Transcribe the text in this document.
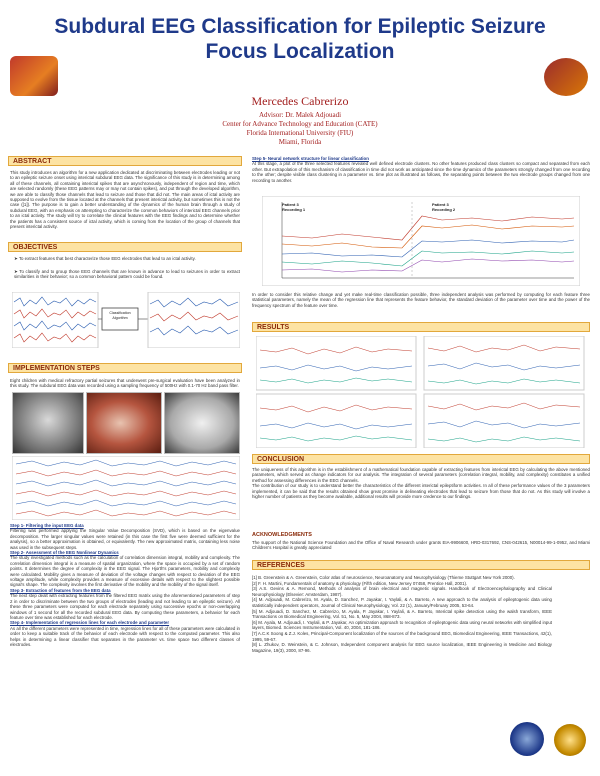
Subdural EEG Classification for Epileptic Seizure
Focus Localization
Mercedes Cabrerizo
Advisor: Dr. Malek Adjouadi
Center for Advance Technology and Education (CATE)
Florida International University (FIU)
Miami, Florida
ABSTRACT
This study introduces an algorithm for a new application dedicated at discriminating between electrodes leading or not to an epileptic seizure onset using interictal subdural EEG data. The significance of this study is in determining among all of these channels, all containing interictal spikes that are asynchronously, independent of region and time, which are selected randomly (these EEG patterns may or may not contain spikes), and put through the developed algorithm, we are able to classify those channels that lead to seizure and those that did not. The main areas of ictal activity are supposed to evolve from the tissue located at the channels that present interictal activity, but sometimes this is not the case ([1]). The purpose is to gain a better understanding of the dynamics of the human brain through a study of subdural EEG, with an emphasis on attempting to characterize the common behaviors of interictal EEG channels prior to an ictal activity. The study will try to correlate the clinical features with the EEG findings and to determine whether the patients has a consistent source of ictal activity, which is coming from the location of the group of channels that present interictal activity.
OBJECTIVES
➤ To extract features that best characterize those EEG electrodes that lead to an ictal activity.
➤ To classify and to group those EEG channels that are known in advance to lead to seizures in order to extract similarities in their behavior; so a common behavioral pattern could be found.
Classification
Algorithm
IMPLEMENTATION STEPS
Eight children with medical refractory partial seizures that underwent pre-surgical evaluation have been analyzed in this study. The subdural EEG data was recorded using a sampling frequency of 500Hz with 0.1-70 Hz band pass filter.
Step 1- Filtering the input EEG data
Filtering was performed applying the Singular Value Decomposition (SVD), which is based on the eigenvalue decomposition. The larger singular values were retained (in this case the first five were deemed sufficient for the analysis), so a better approximation is obtained, or equivalently. The new approximated matrix, containing less noise was used in the subsequent steps.
Step 2- Assessment of the EEG Nonlinear Dynamics
The study investigated methods such as the calculation of correlation dimension integral, mobility and complexity. The correlation dimension integral is a measure of spatial organization, where the space is occupied by a set of random points. It determines the degree of complexity in the EEG signal. The Hjorth's parameters, mobility and complexity were calculated. Mobility gives a measure of deviation of the voltage changes with respect to deviation of the EEG voltage amplitude, while complexity provides a measure of excessive details with respect to the slightest possible signal's shape. The complexity involves the first derivative of the mobility and the mobility of the signal itself.
Step 3- Extraction of features from the EEG data
The next step dealt with extracting features from the filtered EEG matrix using the aforementioned parameters of step 2 in order to discriminate between the two groups of electrodes (leading and not leading to an epileptic seizure). All these three parameters were computed for each electrode separately using successive epochs or non-overlapping windows of 1 second for all the recorded subdural EEG data. By computing these parameters, a behavior for each feature over time was established for each electrode.
Step 4- Implementation of regression lines for each electrode and parameter
As all the different parameters were represented in time, regression lines for all of these parameters were calculated in order to keep a suitable track of the behavior of each electrode with respect to the computed parameter. This also helps in determining a linear classifier that separates in the parameter vs. time space two different classes of electrodes.
Step 5- Neural network structure for linear classification
At this stage, a plot of the three selected features revealed well defined electrode clusters. No other features produced class clusters so compact and separated from each other. But extrapolation of this mechanism of classification in time did not work as anticipated since the time dynamics of the parameters strongly changed from one recording to the other; despite visible class clustering in a parameter vs. time plot as illustrated as follows, the separating points between the two electrode groups changed from one recording to another.
Patient 3
Recording 1
Patient 3
Recording 2
In order to consider this relative change and yet make real-time classification possible, three independent analysis was performed by computing for each feature three statistical parameters, namely the mean of the regression line that represents the feature behavior, the standard deviation of the parameter over time and the power of the frequency spectrum of the feature over time.
RESULTS
CONCLUSION
The uniqueness of this algorithm is in the establishment of a mathematical foundation capable of extracting features from interictal EEG by calculating the above mentioned parameters, which served as change indicators for our analysis. The integration of several parameters (correlation integral, mobility, and complexity) constitutes a unified method for assessing differences in the EEG channels.
The contribution of our study is to understand better the characteristics of the different interictal epileptiform activities. In all of these performance values of the 3 parameters implemented, it can be said that the results obtained show great promise in delineating electrodes that lead to seizure from those that do not. As this study will involve a higher number of patients as they become available, additional results will provide more credence to our findings.
ACKNOWLEDGMENTS
The support of the National Science Foundation and the Office of Naval Research under grants EIA-9906600, HRD-0317692, CNS-042615, N00014-99-1-0952, and Miami Children's Hospital is greatly appreciated
REFERENCES
[1] B. Greenstein & A. Greenstein, Color atlas of neuroscience, Neuroanatomy and Neurophysiology (Thieme Stuttgart New York 2000).
[2] F. H. Martini, Fundamentals of anatomy & physiology (Fifth edition, New Jersey 07458, Prentice Hall, 2001).
[3] A.S. Gevins & A. Remond, Methods of analysis of brain electrical and magnetic signals. Handbook of Electroencephalography and Clinical Neurophysiology (Elsevier: Amsterdam, 1987).
[4] M. Adjouadi, M. Cabrerizo, M. Ayala, D. Sanchez, P. Jayakar, I. Yaylali, & A. Barreto, A new approach to the analysis of epileptogenic data using statistically independent operators, Journal of Clinical Neurophysiology, Vol. 22 (1), January/February 2005, 53-64.
[5] M. Adjouadi, D. Sanchez, M. Cabrerizo, M. Ayala, P. Jayakar, I. Yaylali, & A. Barreto, Interictal spike detection using the walsh transform, IEEE Transactions on Biomedical Engineering, Vol. 51, No. 5, May 2004, 868-873.
[6] M. Ayala, M. Adjouadi, I. Yaylali, & P. Jayakar, An optimization approach to recognition of epileptogenic data using neural networks with simplified input layers, Biomed. Sciences Instrumentation, Vol. 40, 2004, 181-186.
[7] A.C.K Soong & Z.J. Koles, Principal-Component localization of the sources of the background EEG, Biomedical Engineering, IEEE Transactions, 42(1), 1995, 59-67.
[8] L. Zhukov, D. Weinstein, & C. Johnson, Independent component analysis for EEG source localization, IEEE Engineering in Medicine and Biology Magazine, 19(3), 2000, 87-96.
